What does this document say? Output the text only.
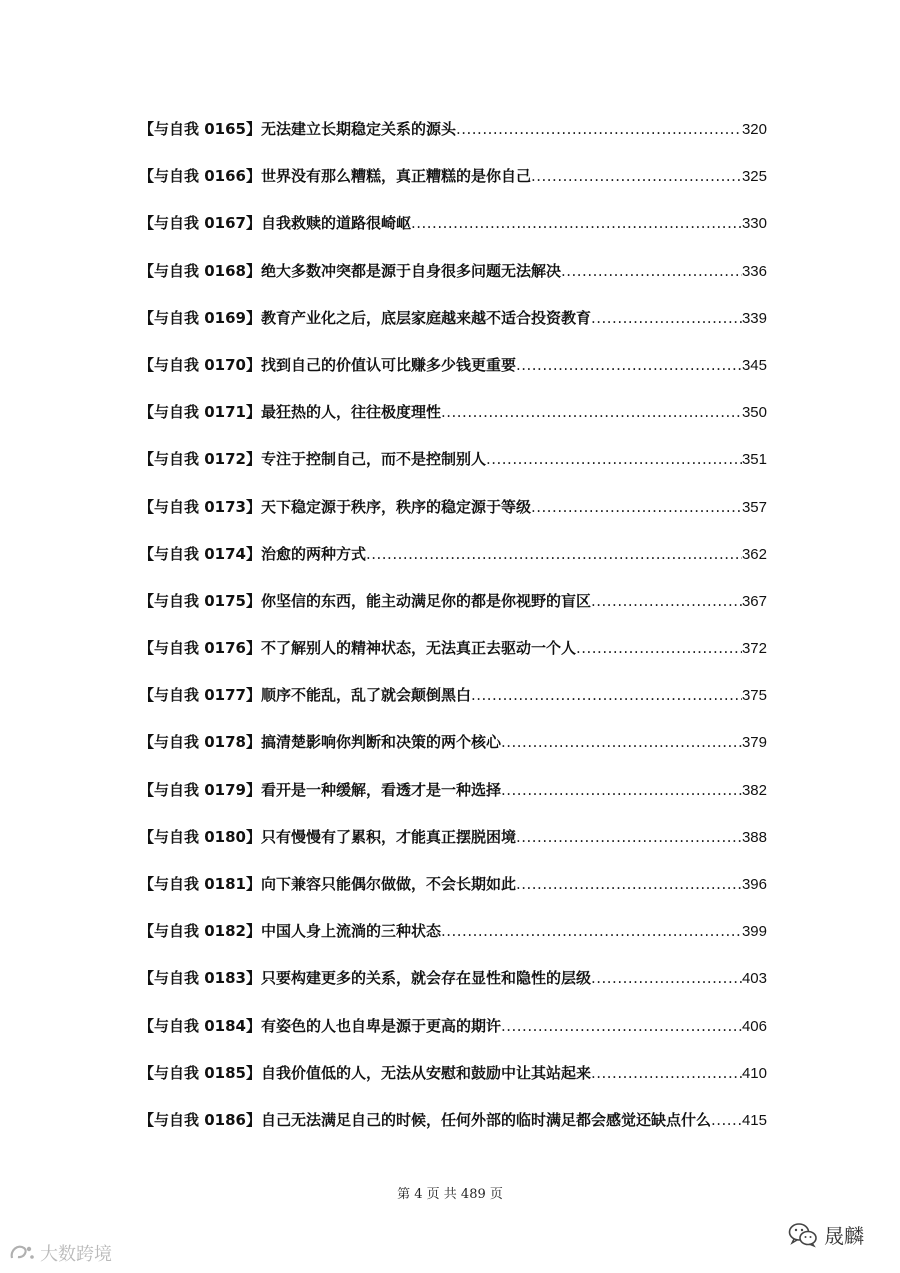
【与自我 0165】无法建立长期稳定关系的源头 .....	320
【与自我 0166】世界没有那么糟糕，真正糟糕的是你自己 .....	325
【与自我 0167】自我救赎的道路很崎岖 .....	330
【与自我 0168】绝大多数冲突都是源于自身很多问题无法解决 .....	336
【与自我 0169】教育产业化之后，底层家庭越来越不适合投资教育 .....	339
【与自我 0170】找到自己的价值认可比赚多少钱更重要 .....	345
【与自我 0171】最狂热的人，往往极度理性 .....	350
【与自我 0172】专注于控制自己，而不是控制别人 .....	351
【与自我 0173】天下稳定源于秩序，秩序的稳定源于等级 .....	357
【与自我 0174】治愈的两种方式 .....	362
【与自我 0175】你坚信的东西，能主动满足你的都是你视野的盲区 .....	367
【与自我 0176】不了解别人的精神状态，无法真正去驱动一个人 .....	372
【与自我 0177】顺序不能乱，乱了就会颠倒黑白 .....	375
【与自我 0178】搞清楚影响你判断和决策的两个核心 .....	379
【与自我 0179】看开是一种缓解，看透才是一种选择 .....	382
【与自我 0180】只有慢慢有了累积，才能真正摆脱困境 .....	388
【与自我 0181】向下兼容只能偶尔做做，不会长期如此 .....	396
【与自我 0182】中国人身上流淌的三种状态 .....	399
【与自我 0183】只要构建更多的关系，就会存在显性和隐性的层级 .....	403
【与自我 0184】有姿色的人也自卑是源于更高的期许 .....	406
【与自我 0185】自我价值低的人，无法从安慰和鼓励中让其站起来 .....	410
【与自我 0186】自己无法满足自己的时候，任何外部的临时满足都会感觉还缺点什么 ..... 415
第 4 页 共 489 页
大数跨境
晟麟
